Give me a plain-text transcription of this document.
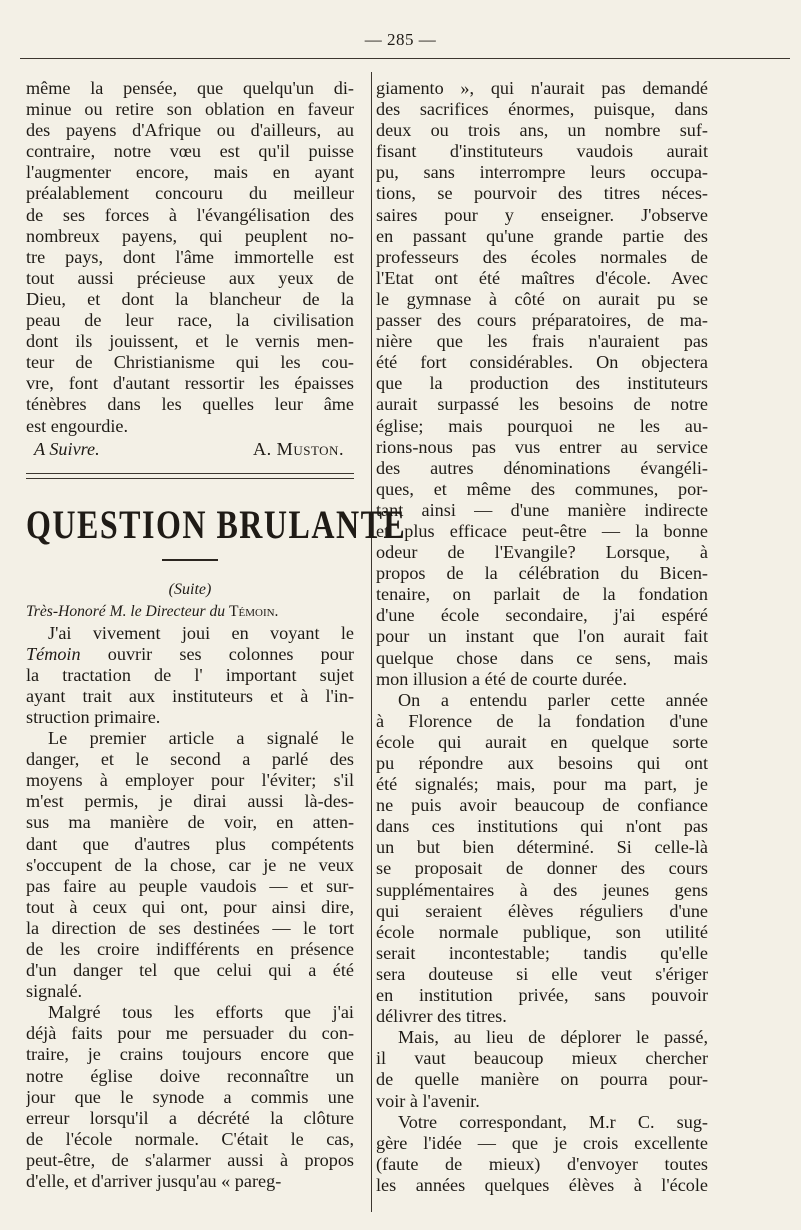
— 285 —
même la pensée, que quelqu'un di-
minue ou retire son oblation en faveur
des payens d'Afrique ou d'ailleurs, au
contraire, notre vœu est qu'il puisse
l'augmenter encore, mais en ayant
préalablement concouru du meilleur
de ses forces à l'évangélisation des
nombreux payens, qui peuplent no-
tre pays, dont l'âme immortelle est
tout aussi précieuse aux yeux de
Dieu, et dont la blancheur de la
peau de leur race, la civilisation
dont ils jouissent, et le vernis men-
teur de Christianisme qui les cou-
vre, font d'autant ressortir les épaisses
ténèbres dans les quelles leur âme
est engourdie.
A Suivre.	A. Muston.
QUESTION BRULANTE
(Suite)
Très-Honoré M. le Directeur du Témoin.
J'ai vivement joui en voyant le
Témoin ouvrir ses colonnes pour
la tractation de l' important sujet
ayant trait aux instituteurs et à l'in-
struction primaire.
Le premier article a signalé le
danger, et le second a parlé des
moyens à employer pour l'éviter; s'il
m'est permis, je dirai aussi là-des-
sus ma manière de voir, en atten-
dant que d'autres plus compétents
s'occupent de la chose, car je ne veux
pas faire au peuple vaudois — et sur-
tout à ceux qui ont, pour ainsi dire,
la direction de ses destinées — le tort
de les croire indifférents en présence
d'un danger tel que celui qui a été
signalé.
Malgré tous les efforts que j'ai
déjà faits pour me persuader du con-
traire, je crains toujours encore que
notre église doive reconnaître un
jour que le synode a commis une
erreur lorsqu'il a décrété la clôture
de l'école normale. C'était le cas,
peut-être, de s'alarmer aussi à propos
d'elle, et d'arriver jusqu'au « pareg-
giamento », qui n'aurait pas demandé
des sacrifices énormes, puisque, dans
deux ou trois ans, un nombre suf-
fisant d'instituteurs vaudois aurait
pu, sans interrompre leurs occupa-
tions, se pourvoir des titres néces-
saires pour y enseigner. J'observe
en passant qu'une grande partie des
professeurs des écoles normales de
l'Etat ont été maîtres d'école. Avec
le gymnase à côté on aurait pu se
passer des cours préparatoires, de ma-
nière que les frais n'auraient pas
été fort considérables. On objectera
que la production des instituteurs
aurait surpassé les besoins de notre
église; mais pourquoi ne les au-
rions-nous pas vus entrer au service
des autres dénominations évangéli-
ques, et même des communes, por-
tant ainsi — d'une manière indirecte
et plus efficace peut-être — la bonne
odeur de l'Evangile? Lorsque, à
propos de la célébration du Bicen-
tenaire, on parlait de la fondation
d'une école secondaire, j'ai espéré
pour un instant que l'on aurait fait
quelque chose dans ce sens, mais
mon illusion a été de courte durée.
On a entendu parler cette année
à Florence de la fondation d'une
école qui aurait en quelque sorte
pu répondre aux besoins qui ont
été signalés; mais, pour ma part, je
ne puis avoir beaucoup de confiance
dans ces institutions qui n'ont pas
un but bien déterminé. Si celle-là
se proposait de donner des cours
supplémentaires à des jeunes gens
qui seraient élèves réguliers d'une
école normale publique, son utilité
serait incontestable; tandis qu'elle
sera douteuse si elle veut s'ériger
en institution privée, sans pouvoir
délivrer des titres.
Mais, au lieu de déplorer le passé,
il vaut beaucoup mieux chercher
de quelle manière on pourra pour-
voir à l'avenir.
Votre correspondant, M.r C. sug-
gère l'idée — que je crois excellente
(faute de mieux) d'envoyer toutes
les années quelques élèves à l'école
